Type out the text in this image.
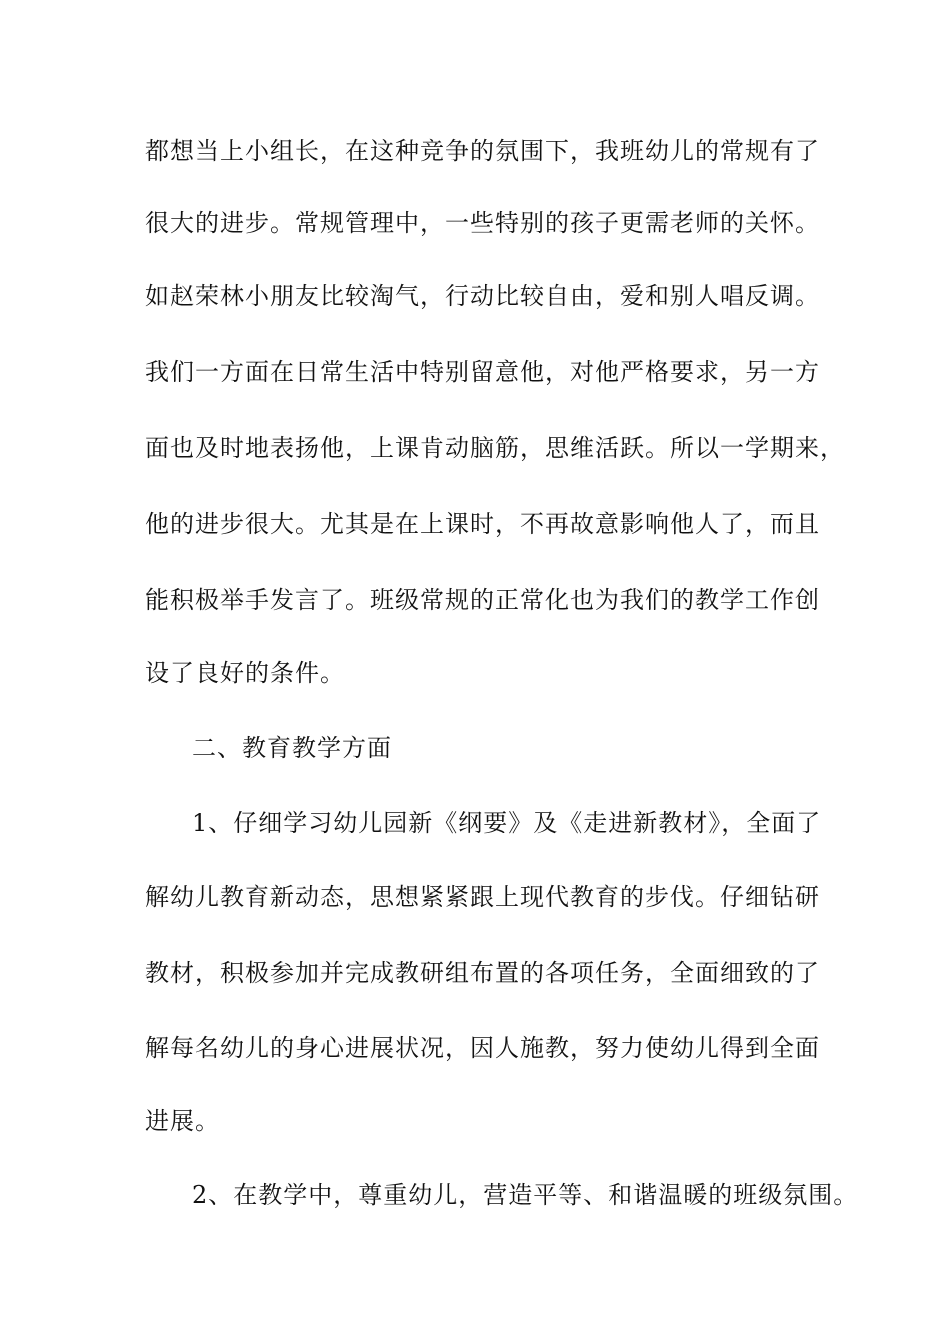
都想当上小组长，在这种竞争的氛围下，我班幼儿的常规有了
很大的进步。常规管理中，一些特别的孩子更需老师的关怀。
如赵荣林小朋友比较淘气，行动比较自由，爱和别人唱反调。
我们一方面在日常生活中特别留意他，对他严格要求，另一方
面也及时地表扬他，上课肯动脑筋，思维活跃。所以一学期来，
他的进步很大。尤其是在上课时，不再故意影响他人了，而且
能积极举手发言了。班级常规的正常化也为我们的教学工作创
设了良好的条件。
二、教育教学方面
1、仔细学习幼儿园新《纲要》及《走进新教材》，全面了
解幼儿教育新动态，思想紧紧跟上现代教育的步伐。仔细钻研
教材，积极参加并完成教研组布置的各项任务，全面细致的了
解每名幼儿的身心进展状况，因人施教，努力使幼儿得到全面
进展。
2、在教学中，尊重幼儿，营造平等、和谐温暖的班级氛围。
